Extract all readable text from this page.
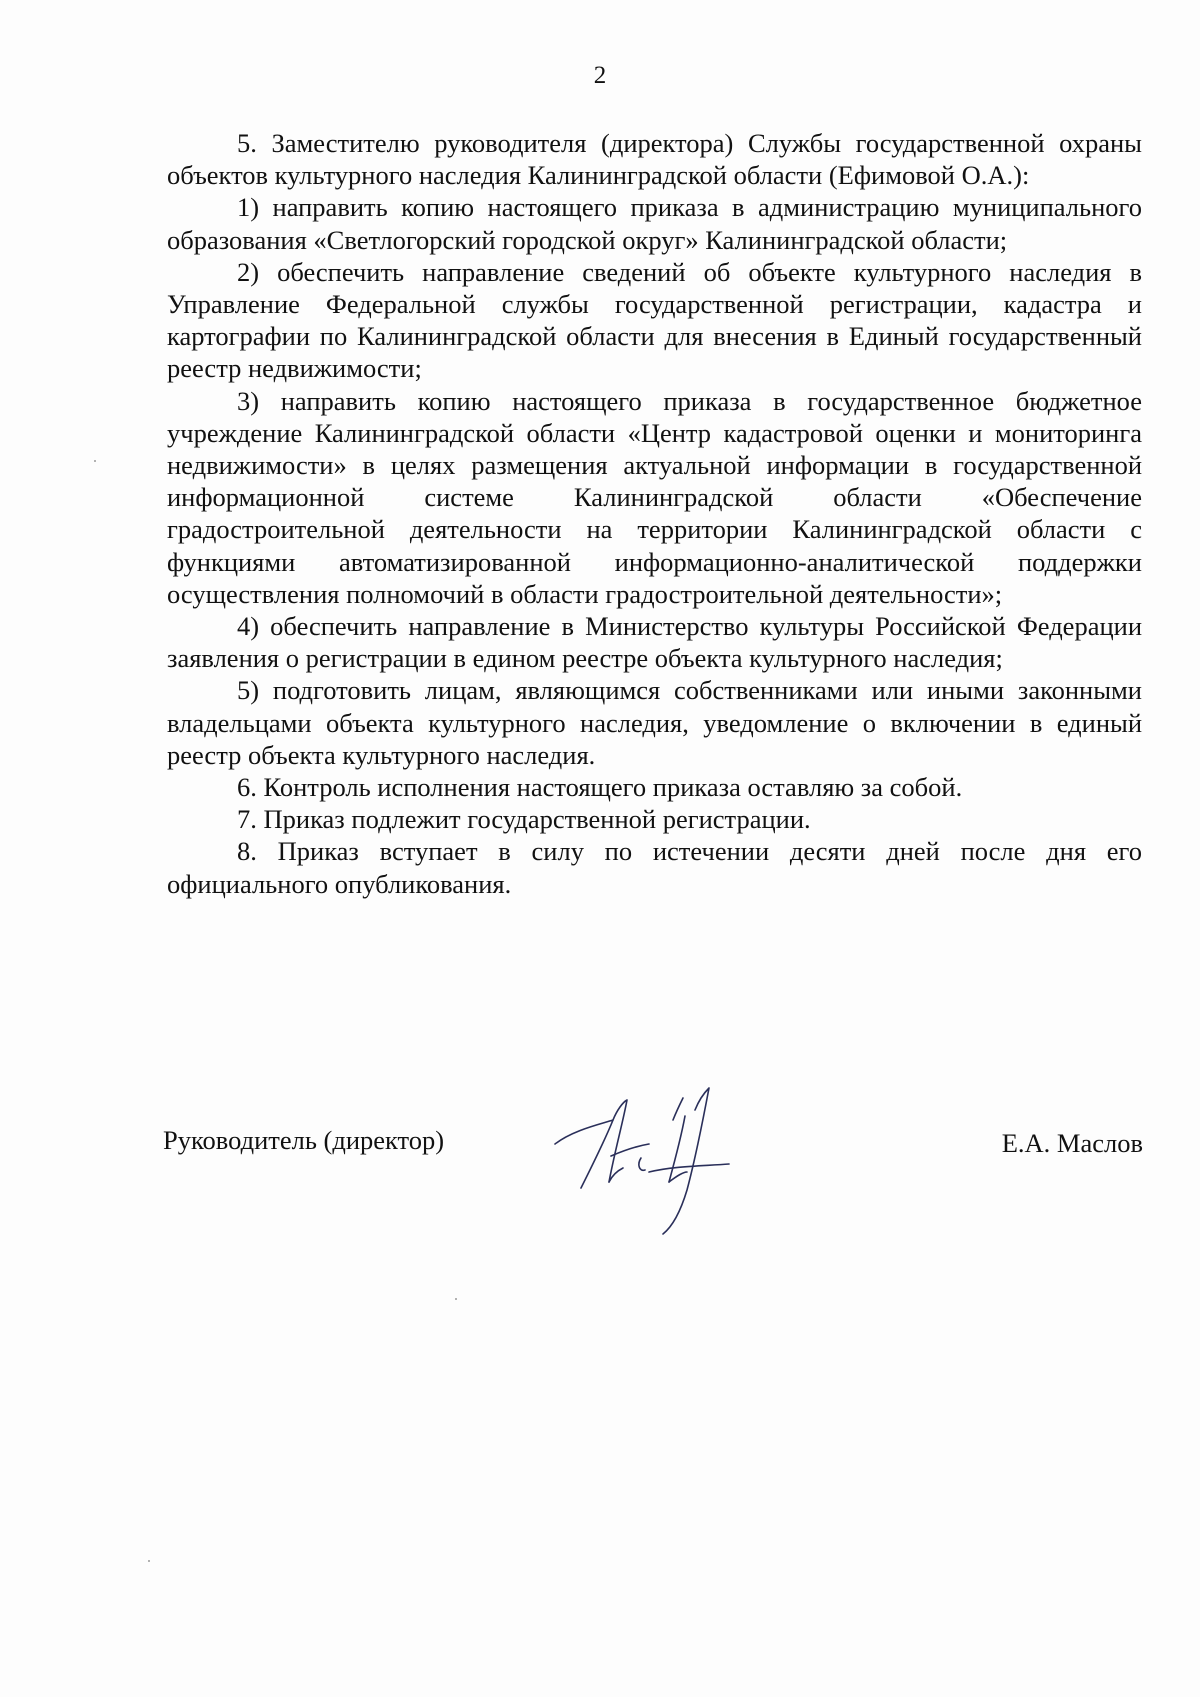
2

5. Заместителю руководителя (директора) Службы государственной охраны объектов культурного наследия Калининградской области (Ефимовой О.А.):

1) направить копию настоящего приказа в администрацию муниципального образования «Светлогорский городской округ» Калининградской области;

2) обеспечить направление сведений об объекте культурного наследия в Управление Федеральной службы государственной регистрации, кадастра и картографии по Калининградской области для внесения в Единый государственный реестр недвижимости;

3) направить копию настоящего приказа в государственное бюджетное учреждение Калининградской области «Центр кадастровой оценки и мониторинга недвижимости» в целях размещения актуальной информации в государственной информационной системе Калининградской области «Обеспечение градостроительной деятельности на территории Калининградской области с функциями автоматизированной информационно-аналитической поддержки осуществления полномочий в области градостроительной деятельности»;

4) обеспечить направление в Министерство культуры Российской Федерации заявления о регистрации в едином реестре объекта культурного наследия;

5) подготовить лицам, являющимся собственниками или иными законными владельцами объекта культурного наследия, уведомление о включении в единый реестр объекта культурного наследия.

6. Контроль исполнения настоящего приказа оставляю за собой.

7. Приказ подлежит государственной регистрации.

8. Приказ вступает в силу по истечении десяти дней после дня его официального опубликования.

Руководитель (директор)	Е.А. Маслов
